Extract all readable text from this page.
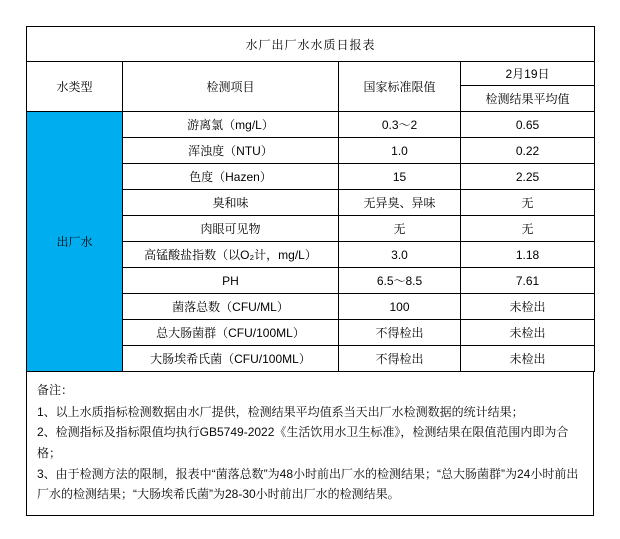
水厂出厂水水质日报表			
水类型	检测项目	国家标准限值	2月19日
			检测结果平均值
出厂水	游离氯（mg/L）	0.3～2	0.65
	浑浊度（NTU）	1.0	0.22
	色度（Hazen）	15	2.25
	臭和味	无异臭、异味	无
	肉眼可见物	无	无
	高锰酸盐指数（以O₂计，mg/L）	3.0	1.18
	PH	6.5～8.5	7.61
	菌落总数（CFU/ML）	100	未检出
	总大肠菌群（CFU/100ML）	不得检出	未检出
	大肠埃希氏菌（CFU/100ML）	不得检出	未检出
备注：
1、以上水质指标检测数据由水厂提供，检测结果平均值系当天出厂水检测数据的统计结果；
2、检测指标及指标限值均执行GB5749-2022《生活饮用水卫生标准》，检测结果在限值范围内即为合格；
3、由于检测方法的限制，报表中“菌落总数”为48小时前出厂水的检测结果；“总大肠菌群”为24小时前出厂水的检测结果；“大肠埃希氏菌”为28-30小时前出厂水的检测结果。
